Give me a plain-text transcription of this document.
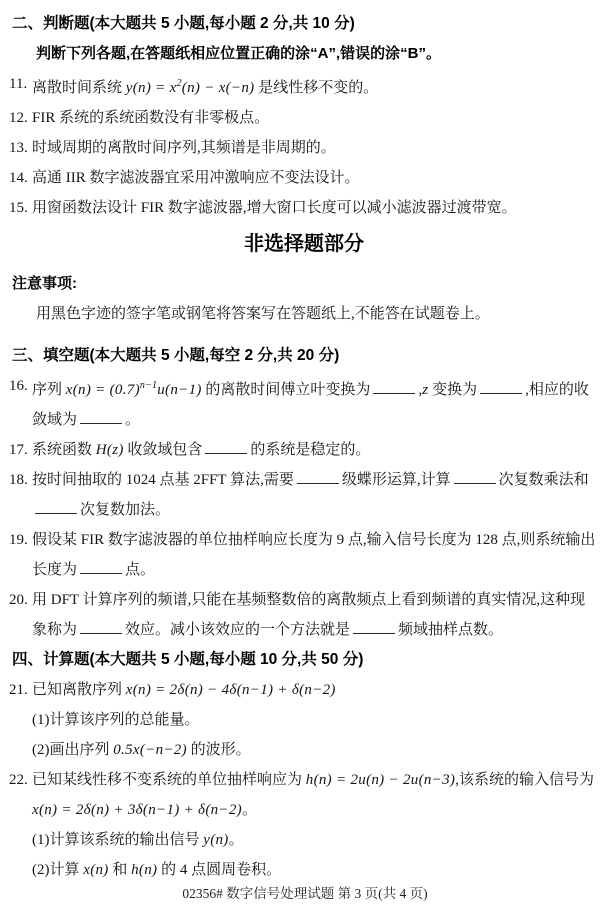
二、判断题(本大题共 5 小题,每小题 2 分,共 10 分)

判断下列各题,在答题纸相应位置正确的涂“A”,错误的涂“B”。

11. 离散时间系统 $y(n) = x^2(n) - x(-n)$ 是线性移不变的。
12. FIR 系统的系统函数没有非零极点。
13. 时域周期的离散时间序列,其频谱是非周期的。
14. 高通 IIR 数字滤波器宜采用冲激响应不变法设计。
15. 用窗函数法设计 FIR 数字滤波器,增大窗口长度可以减小滤波器过渡带宽。
非选择题部分

注意事项:

用黑色字迹的签字笔或钢笔将答案写在答题纸上,不能答在试题卷上。

三、填空题(本大题共 5 小题,每空 2 分,共 20 分)
16. 序列 $x(n) = (0.7)^{n-1}u(n-1)$ 的离散时间傅立叶变换为	,z 变换为	,相应的收敛域为	。
17. 系统函数 H(z) 收敛域包含	的系统是稳定的。
18. 按时间抽取的 1024 点基 2FFT 算法,需要	级蝶形运算,计算	次复数乘法和次复数加法。
19. 假设某 FIR 数字滤波器的单位抽样响应长度为 9 点,输入信号长度为 128 点,则系统输出长度为	点。
20. 用 DFT 计算序列的频谱,只能在基频整数倍的离散频点上看到频谱的真实情况,这种现象称为	效应。减小该效应的一个方法就是	频域抽样点数。
四、计算题(本大题共 5 小题,每小题 10 分,共 50 分)
21. 已知离散序列 x(n) = 2δ(n) − 4δ(n−1) + δ(n−2)
(1)计算该序列的总能量。
(2)画出序列 0.5x(−n−2) 的波形。
22. 已知某线性移不变系统的单位抽样响应为 h(n) = 2u(n) − 2u(n−3),该系统的输入信号为 x(n) = 2δ(n) + 3δ(n−1) + δ(n−2)。
(1)计算该系统的输出信号 y(n)。
(2)计算 x(n) 和 h(n) 的 4 点圆周卷积。
02356# 数字信号处理试题 第 3 页(共 4 页)
